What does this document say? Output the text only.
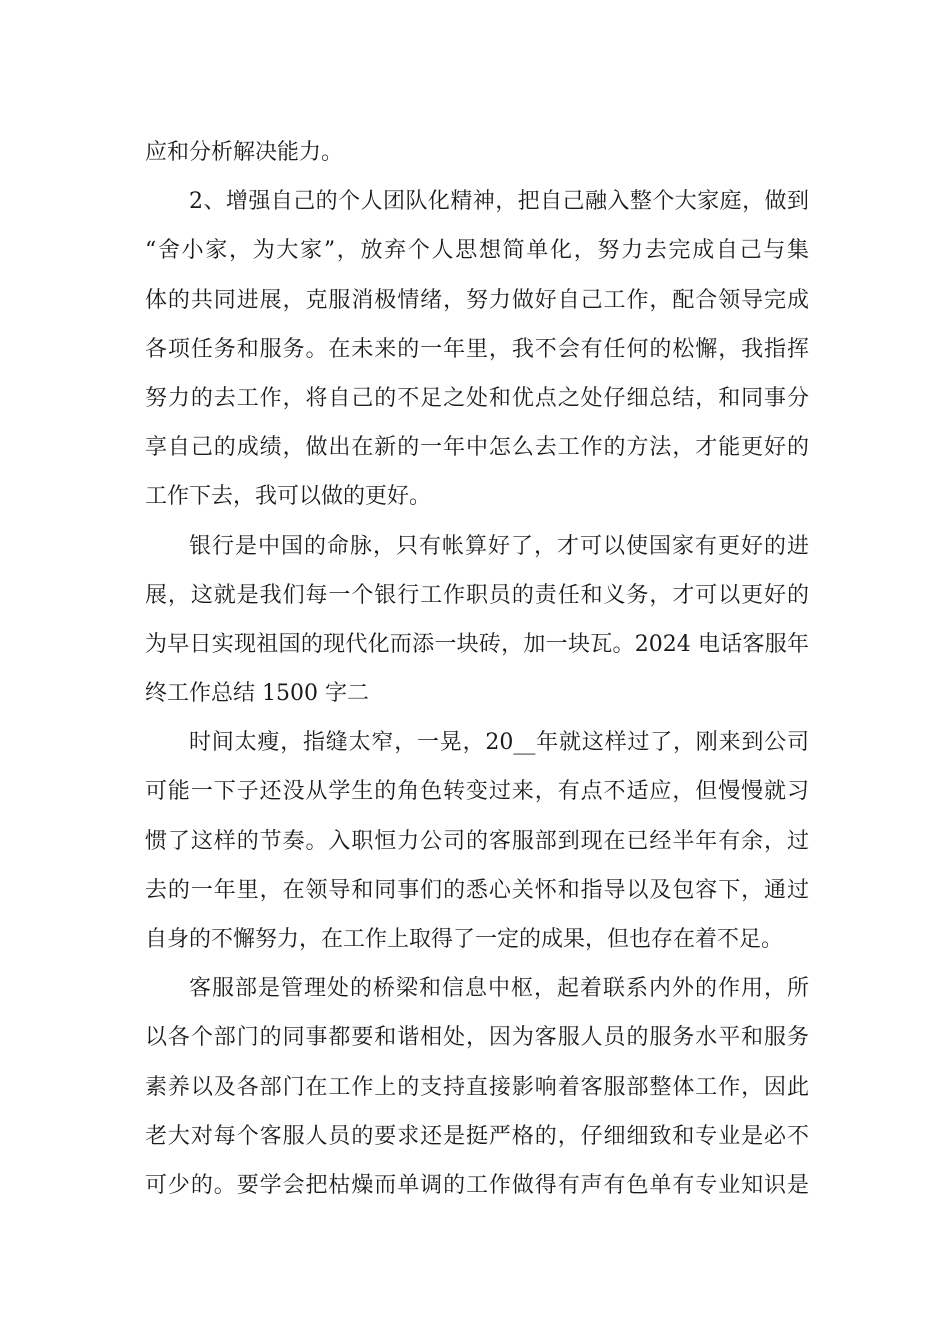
应和分析解决能力。
2、增强自己的个人团队化精神，把自己融入整个大家庭，做到
“舍小家，为大家”，放弃个人思想简单化，努力去完成自己与集
体的共同进展，克服消极情绪，努力做好自己工作，配合领导完成
各项任务和服务。在未来的一年里，我不会有任何的松懈，我指挥
努力的去工作，将自己的不足之处和优点之处仔细总结，和同事分
享自己的成绩，做出在新的一年中怎么去工作的方法，才能更好的
工作下去，我可以做的更好。
银行是中国的命脉，只有帐算好了，才可以使国家有更好的进
展，这就是我们每一个银行工作职员的责任和义务，才可以更好的
为早日实现祖国的现代化而添一块砖，加一块瓦。2024 电话客服年
终工作总结 1500 字二
时间太瘦，指缝太窄，一晃，20__年就这样过了，刚来到公司
可能一下子还没从学生的角色转变过来，有点不适应，但慢慢就习
惯了这样的节奏。入职恒力公司的客服部到现在已经半年有余，过
去的一年里，在领导和同事们的悉心关怀和指导以及包容下，通过
自身的不懈努力，在工作上取得了一定的成果，但也存在着不足。
客服部是管理处的桥梁和信息中枢，起着联系内外的作用，所
以各个部门的同事都要和谐相处，因为客服人员的服务水平和服务
素养以及各部门在工作上的支持直接影响着客服部整体工作，因此
老大对每个客服人员的要求还是挺严格的，仔细细致和专业是必不
可少的。要学会把枯燥而单调的工作做得有声有色单有专业知识是
